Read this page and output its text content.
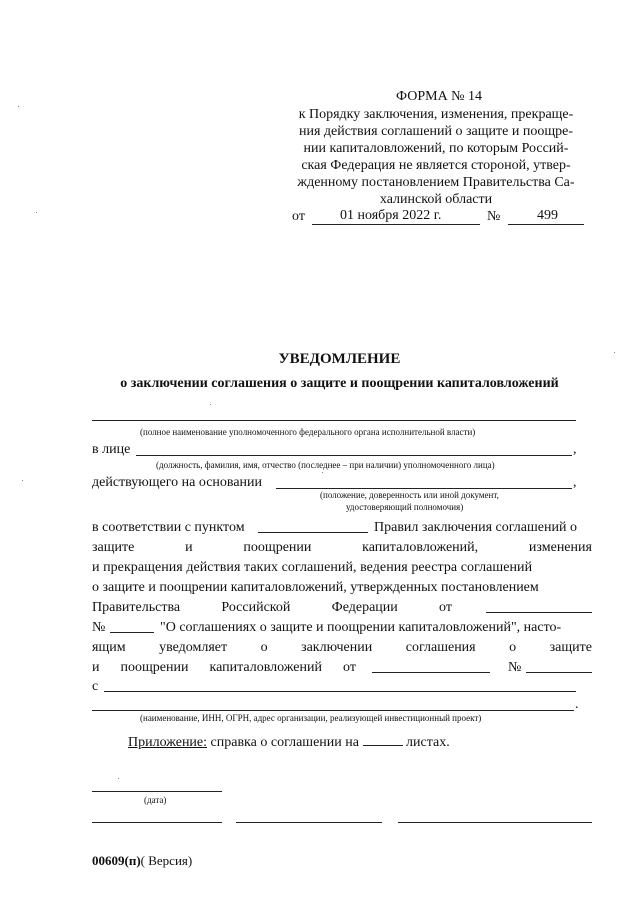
ФОРМА № 14
к Порядку заключения, изменения, прекраще-
ния действия соглашений о защите и поощре-
нии капиталовложений, по которым Россий-
ская Федерация не является стороной, утвер-
жденному постановлением Правительства Са-
халинской области
от	01 ноября 2022 г.	№	499
УВЕДОМЛЕНИЕ
о заключении соглашения о защите и поощрении капиталовложений
(полное наименование уполномоченного федерального органа исполнительной власти)
в лице	,
(должность, фамилия, имя, отчество (последнее – при наличии) уполномоченного лица)
действующего на основании	,
(положение, доверенность или иной документ,
удостоверяющий полномочия)
в соответствии с пунктом	Правил заключения соглашений о
защите	и	поощрении	капиталовложений,	изменения
и прекращения действия таких соглашений, ведения реестра соглашений
о защите и поощрении капиталовложений, утвержденных постановлением
Правительства	Российской	Федерации	от
№	"О соглашениях о защите и поощрении капиталовложений", насто-
ящим уведомляет о заключении соглашения о защите
и поощрении капиталовложений от	№
с
.
(наименование, ИНН, ОГРН, адрес организации, реализующей инвестиционный проект)
Приложение: справка о соглашении на	листах.
(дата)
00609(п)( Версия)
